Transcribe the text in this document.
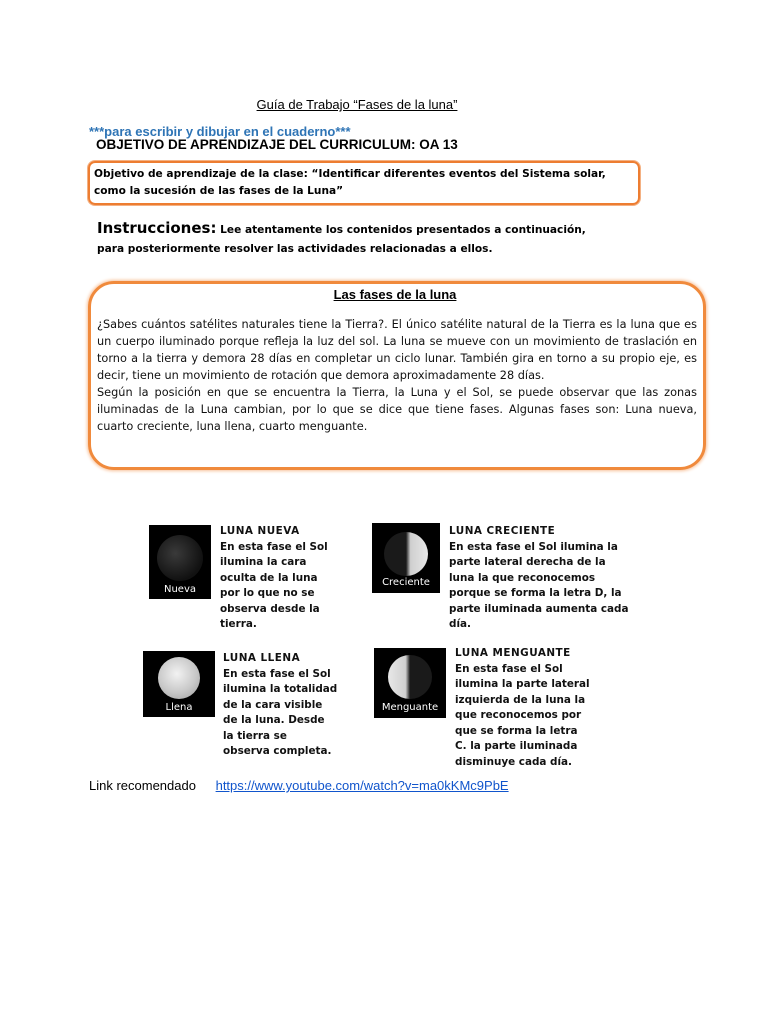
Guía de Trabajo “Fases de la luna”
***para escribir y dibujar en el cuaderno***
OBJETIVO DE APRENDIZAJE DEL CURRICULUM: OA 13
Objetivo de aprendizaje de la clase: “Identificar diferentes eventos del Sistema solar,
como la sucesión de las fases de la Luna”
Instrucciones: Lee atentamente los contenidos presentados a continuación,
para posteriormente resolver las actividades relacionadas a ellos.
Las fases de la luna

¿Sabes cuántos satélites naturales tiene la Tierra?. El único satélite natural de la Tierra es la luna que es un cuerpo iluminado porque refleja la luz del sol. La luna se mueve con un movimiento de traslación en torno a la tierra y demora 28 días en completar un ciclo lunar. También gira en torno a su propio eje, es decir, tiene un movimiento de rotación que demora aproximadamente 28 días.

Según la posición en que se encuentra la Tierra, la Luna y el Sol, se puede observar que las zonas iluminadas de la Luna cambian, por lo que se dice que tiene fases. Algunas fases son: Luna nueva, cuarto creciente, luna llena, cuarto menguante.

Nueva
LUNA NUEVA
En esta fase el Sol
ilumina la cara
oculta de la luna
por lo que no se
observa desde la
tierra.
Creciente
LUNA CRECIENTE
En esta fase el Sol ilumina la
parte lateral derecha de la
luna la que reconocemos
porque se forma la letra D, la
parte iluminada aumenta cada
día.
Llena
LUNA LLENA
En esta fase el Sol
ilumina la totalidad
de la cara visible
de la luna. Desde
la tierra se
observa completa.
Menguante
LUNA MENGUANTE
En esta fase el Sol
ilumina la parte lateral
izquierda de la luna la
que reconocemos por
que se forma la letra
C. la parte iluminada
disminuye cada día.
Link recomendado https://www.youtube.com/watch?v=ma0kKMc9PbE
